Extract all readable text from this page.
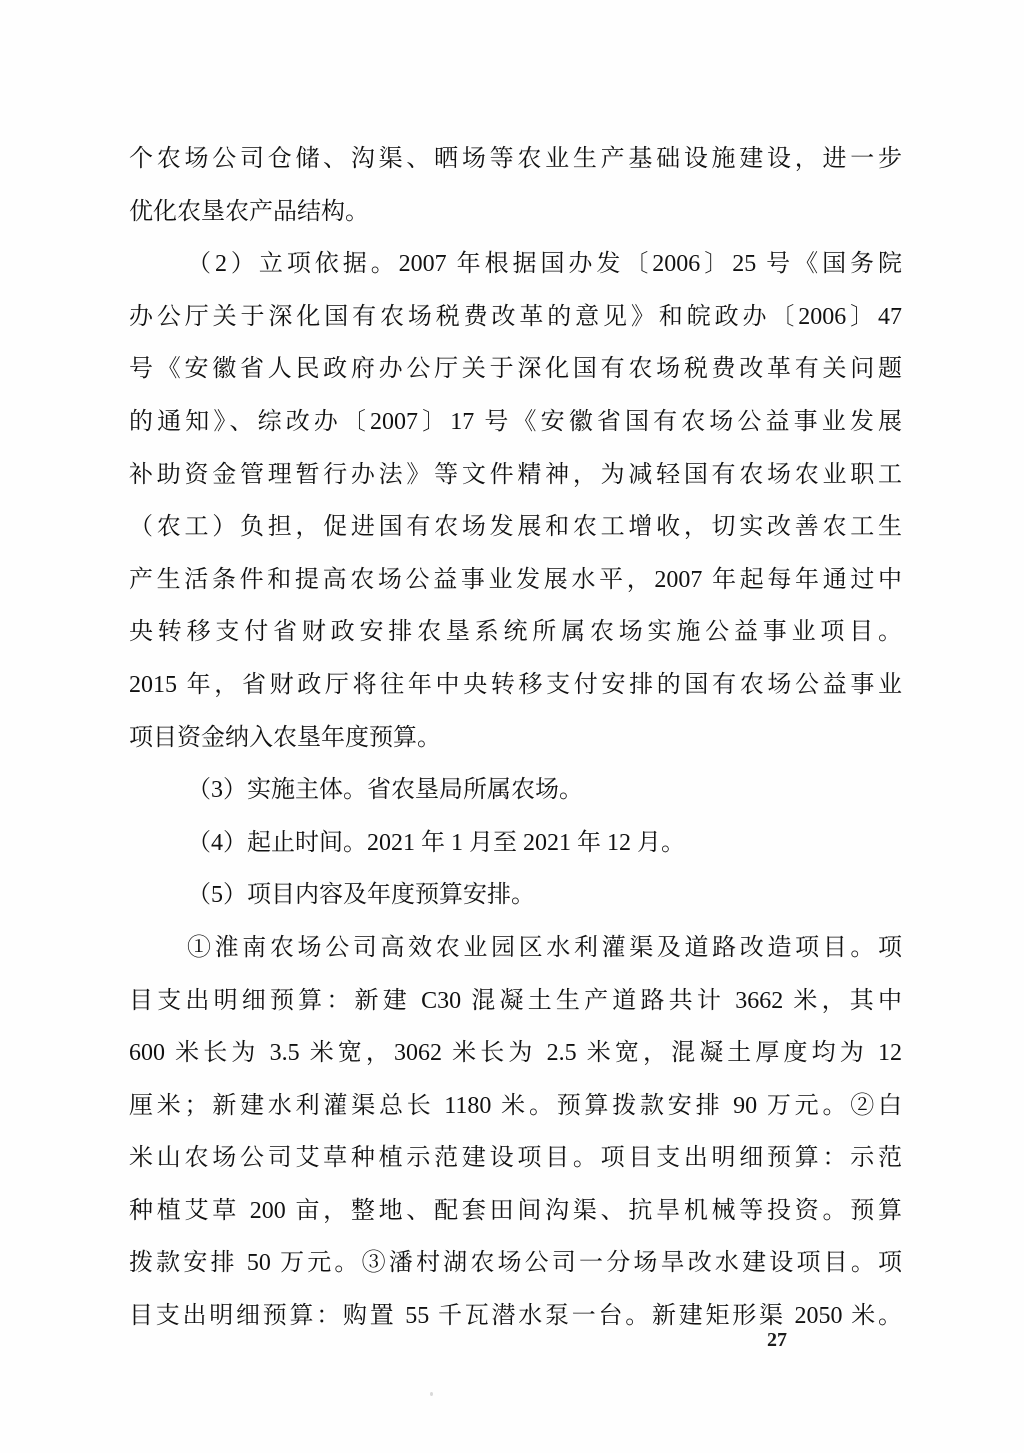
个农场公司仓储、沟渠、晒场等农业生产基础设施建设，进一步
优化农垦农产品结构。
（2）立项依据。2007 年根据国办发〔2006〕25 号《国务院
办公厅关于深化国有农场税费改革的意见》和皖政办〔2006〕47
号《安徽省人民政府办公厅关于深化国有农场税费改革有关问题
的通知》、综改办〔2007〕17 号《安徽省国有农场公益事业发展
补助资金管理暂行办法》等文件精神，为减轻国有农场农业职工
（农工）负担，促进国有农场发展和农工增收，切实改善农工生
产生活条件和提高农场公益事业发展水平，2007 年起每年通过中
央转移支付省财政安排农垦系统所属农场实施公益事业项目。
2015 年，省财政厅将往年中央转移支付安排的国有农场公益事业
项目资金纳入农垦年度预算。
（3）实施主体。省农垦局所属农场。
（4）起止时间。2021 年 1 月至 2021 年 12 月。
（5）项目内容及年度预算安排。
①淮南农场公司高效农业园区水利灌渠及道路改造项目。项
目支出明细预算：新建 C30 混凝土生产道路共计 3662 米，其中
600 米长为 3.5 米宽，3062 米长为 2.5 米宽，混凝土厚度均为 12
厘米；新建水利灌渠总长 1180 米。预算拨款安排 90 万元。②白
米山农场公司艾草种植示范建设项目。项目支出明细预算：示范
种植艾草 200 亩，整地、配套田间沟渠、抗旱机械等投资。预算
拨款安排 50 万元。③潘村湖农场公司一分场旱改水建设项目。项
目支出明细预算：购置 55 千瓦潜水泵一台。新建矩形渠 2050 米。
27
